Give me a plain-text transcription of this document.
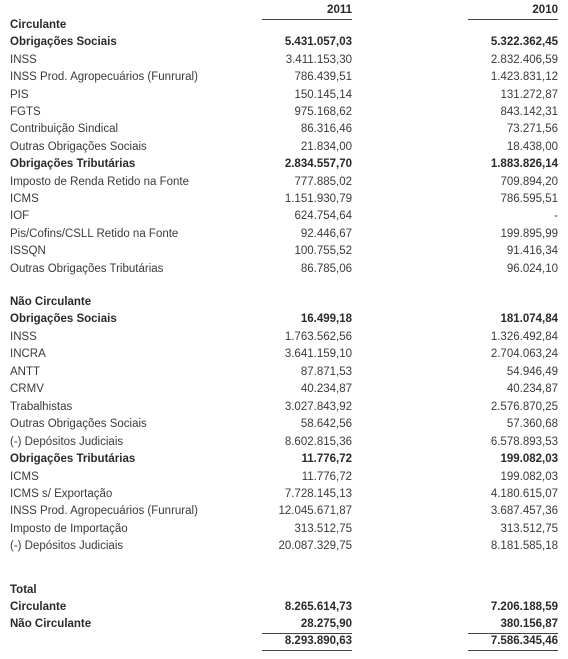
2011	2010
Circulante
Obrigações Sociais	5.431.057,03	5.322.362,45
INSS	3.411.153,30	2.832.406,59
INSS Prod. Agropecuários (Funrural)	786.439,51	1.423.831,12
PIS	150.145,14	131.272,87
FGTS	975.168,62	843.142,31
Contribuição Sindical	86.316,46	73.271,56
Outras Obrigações Sociais	21.834,00	18.438,00
Obrigações Tributárias	2.834.557,70	1.883.826,14
Imposto de Renda Retido na Fonte	777.885,02	709.894,20
ICMS	1.151.930,79	786.595,51
IOF	624.754,64	-
Pis/Cofins/CSLL Retido na Fonte	92.446,67	199.895,99
ISSQN	100.755,52	91.416,34
Outras Obrigações Tributárias	86.785,06	96.024,10
Não Circulante
Obrigações Sociais	16.499,18	181.074,84
INSS	1.763.562,56	1.326.492,84
INCRA	3.641.159,10	2.704.063,24
ANTT	87.871,53	54.946,49
CRMV	40.234,87	40.234,87
Trabalhistas	3.027.843,92	2.576.870,25
Outras Obrigações Sociais	58.642,56	57.360,68
(-) Depósitos Judiciais	8.602.815,36	6.578.893,53
Obrigações Tributárias	11.776,72	199.082,03
ICMS	11.776,72	199.082,03
ICMS s/ Exportação	7.728.145,13	4.180.615,07
INSS Prod. Agropecuários (Funrural)	12.045.671,87	3.687.457,36
Imposto de Importação	313.512,75	313.512,75
(-) Depósitos Judiciais	20.087.329,75	8.181.585,18
Total
Circulante	8.265.614,73	7.206.188,59
Não Circulante	28.275,90	380.156,87
8.293.890,63	7.586.345,46
